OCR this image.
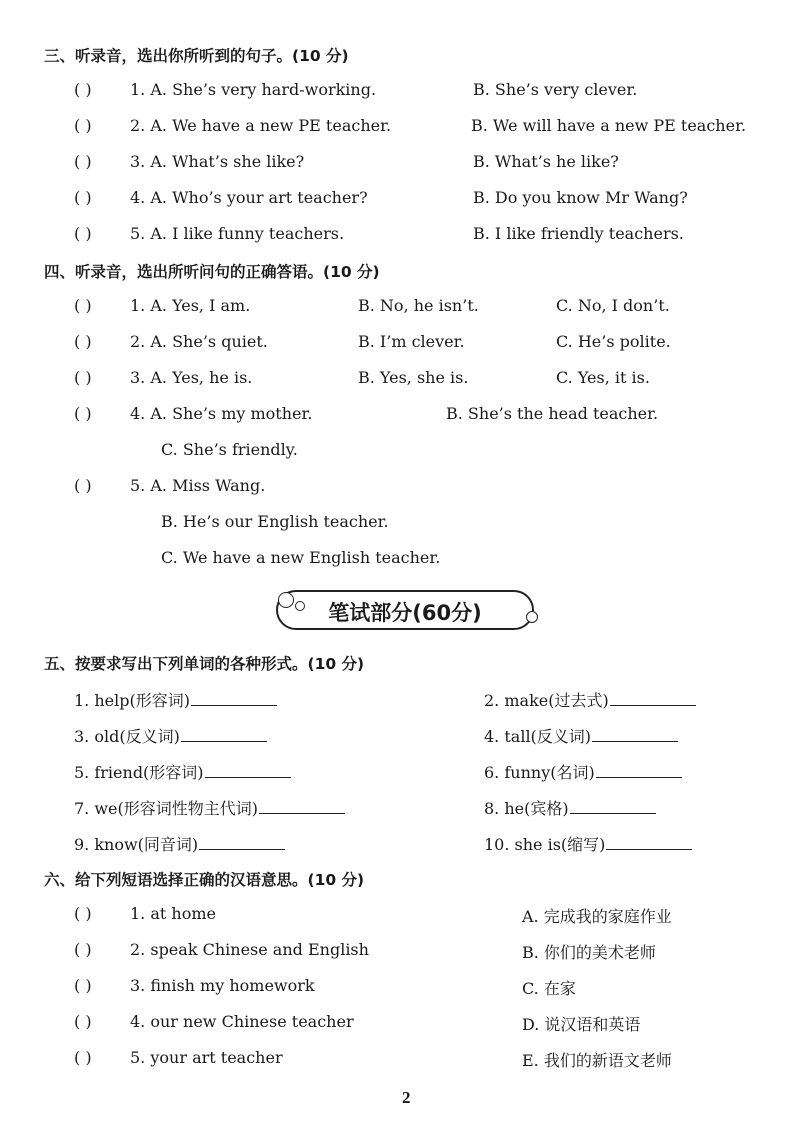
三、听录音，选出你所听到的句子。(10 分)
( ) 1. A. She’s very hard-working.	B. She’s very clever.
( ) 2. A. We have a new PE teacher.	B. We will have a new PE teacher.
( ) 3. A. What’s she like?	B. What’s he like?
( ) 4. A. Who’s your art teacher?	B. Do you know Mr Wang?
( ) 5. A. I like funny teachers.	B. I like friendly teachers.
四、听录音，选出所听问句的正确答语。(10 分)
( ) 1. A. Yes, I am.	B. No, he isn’t.	C. No, I don’t.
( ) 2. A. She’s quiet.	B. I’m clever.	C. He’s polite.
( ) 3. A. Yes, he is.	B. Yes, she is.	C. Yes, it is.
( ) 4. A. She’s my mother.	B. She’s the head teacher.
C. She’s friendly.
( ) 5. A. Miss Wang.
B. He’s our English teacher.
C. We have a new English teacher.
笔试部分(60分)
五、按要求写出下列单词的各种形式。(10 分)
1. help(形容词)	2. make(过去式)
3. old(反义词)	4. tall(反义词)
5. friend(形容词)	6. funny(名词)
7. we(形容词性物主代词)	8. he(宾格)
9. know(同音词)	10. she is(缩写)
六、给下列短语选择正确的汉语意思。(10 分)
( ) 1. at home	A. 完成我的家庭作业
( ) 2. speak Chinese and English	B. 你们的美术老师
( ) 3. finish my homework	C. 在家
( ) 4. our new Chinese teacher	D. 说汉语和英语
( ) 5. your art teacher	E. 我们的新语文老师
2
